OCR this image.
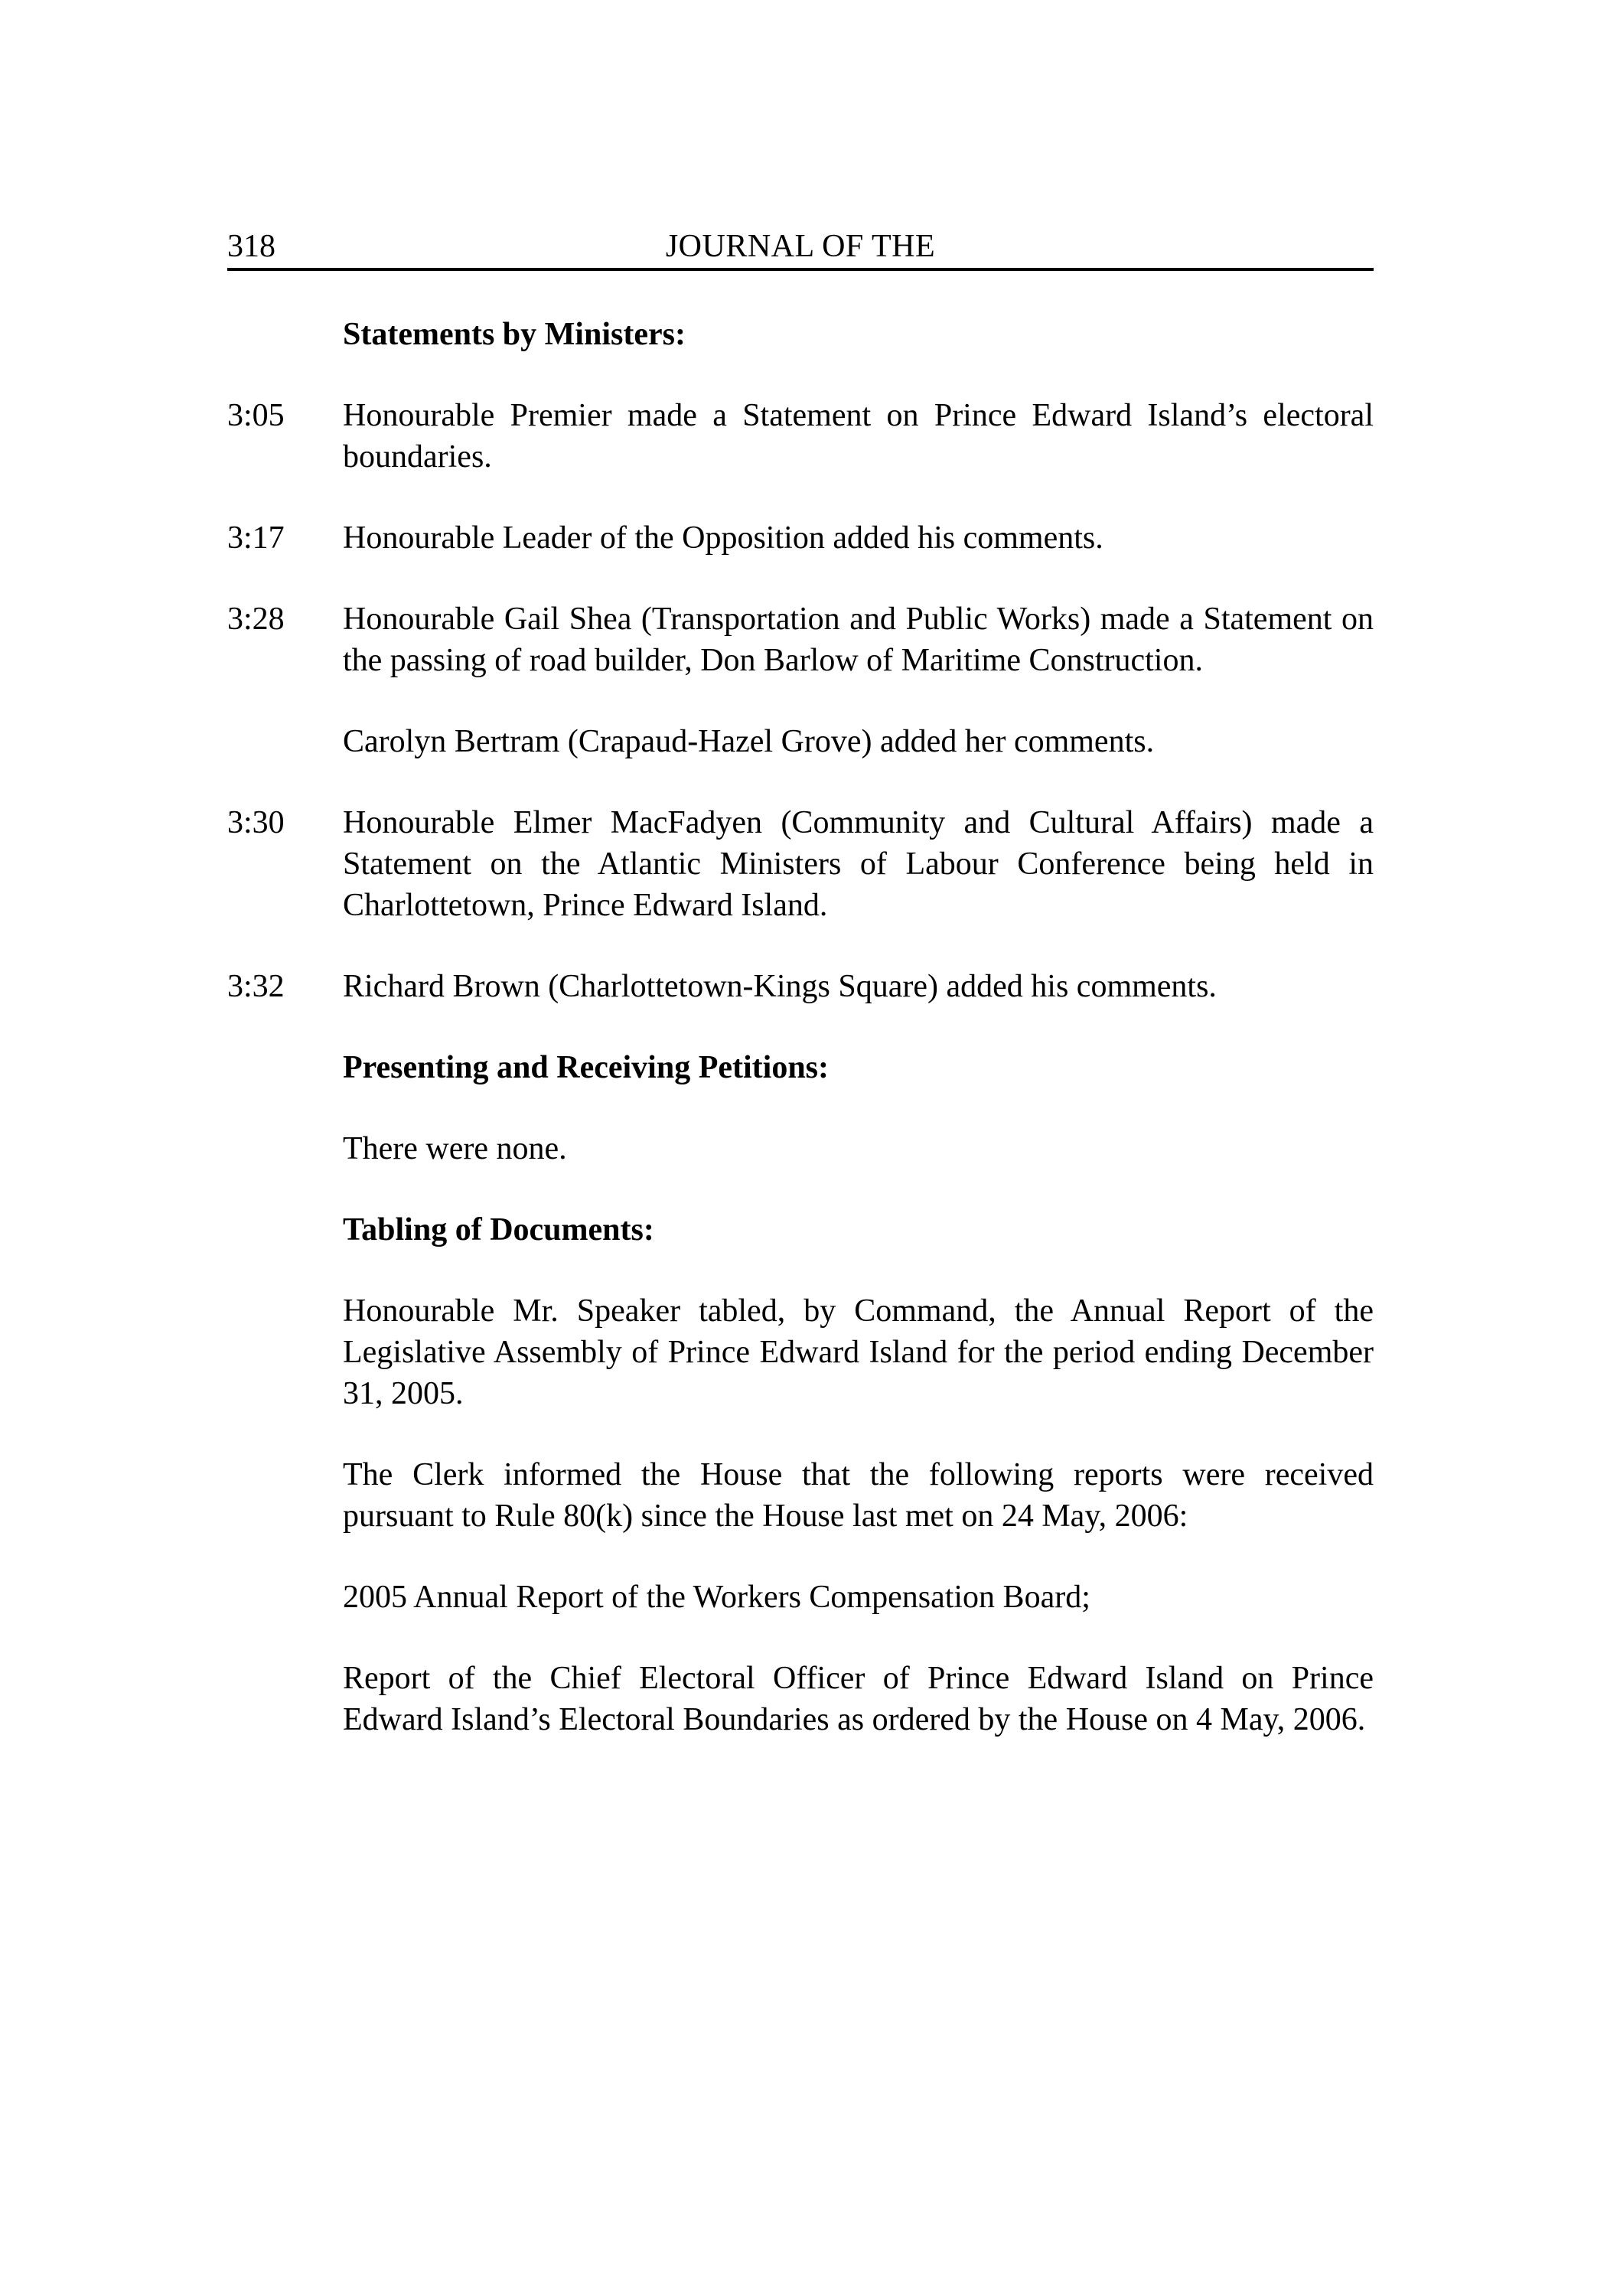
318	JOURNAL OF THE
Statements by Ministers:
3:05 Honourable Premier made a Statement on Prince Edward Island’s electoral boundaries.
3:17 Honourable Leader of the Opposition added his comments.
3:28 Honourable Gail Shea (Transportation and Public Works) made a Statement on the passing of road builder, Don Barlow of Maritime Construction.
Carolyn Bertram (Crapaud-Hazel Grove) added her comments.
3:30 Honourable Elmer MacFadyen (Community and Cultural Affairs) made a Statement on the Atlantic Ministers of Labour Conference being held in Charlottetown, Prince Edward Island.
3:32 Richard Brown (Charlottetown-Kings Square) added his comments.
Presenting and Receiving Petitions:
There were none.
Tabling of Documents:
Honourable Mr. Speaker tabled, by Command, the Annual Report of the Legislative Assembly of Prince Edward Island for the period ending December 31, 2005.
The Clerk informed the House that the following reports were received pursuant to Rule 80(k) since the House last met on 24 May, 2006:
2005 Annual Report of the Workers Compensation Board;
Report of the Chief Electoral Officer of Prince Edward Island on Prince Edward Island’s Electoral Boundaries as ordered by the House on 4 May, 2006.
